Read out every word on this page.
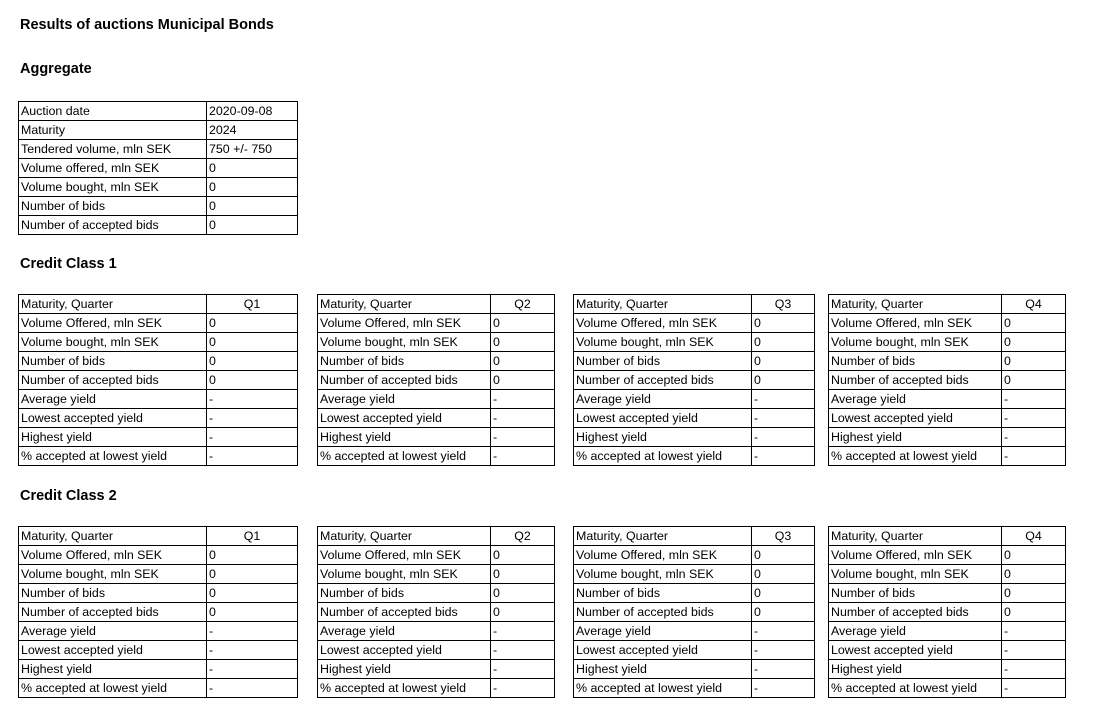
Results of auctions Municipal Bonds
Aggregate
Auction date	2020-09-08
Maturity	2024
Tendered volume, mln SEK	750 +/- 750
Volume offered, mln SEK	0
Volume bought, mln SEK	0
Number of bids	0
Number of accepted bids	0
Credit Class 1
Credit Class 2
Maturity, Quarter	Q1
Volume Offered, mln SEK	0
Volume bought, mln SEK	0
Number of bids	0
Number of accepted bids	0
Average yield	-
Lowest accepted yield	-
Highest yield	-
% accepted at lowest yield	-
Maturity, Quarter	Q2
Volume Offered, mln SEK	0
Volume bought, mln SEK	0
Number of bids	0
Number of accepted bids	0
Average yield	-
Lowest accepted yield	-
Highest yield	-
% accepted at lowest yield	-
Maturity, Quarter	Q3
Volume Offered, mln SEK	0
Volume bought, mln SEK	0
Number of bids	0
Number of accepted bids	0
Average yield	-
Lowest accepted yield	-
Highest yield	-
% accepted at lowest yield	-
Maturity, Quarter	Q4
Volume Offered, mln SEK	0
Volume bought, mln SEK	0
Number of bids	0
Number of accepted bids	0
Average yield	-
Lowest accepted yield	-
Highest yield	-
% accepted at lowest yield	-
Maturity, Quarter	Q1
Volume Offered, mln SEK	0
Volume bought, mln SEK	0
Number of bids	0
Number of accepted bids	0
Average yield	-
Lowest accepted yield	-
Highest yield	-
% accepted at lowest yield	-
Maturity, Quarter	Q2
Volume Offered, mln SEK	0
Volume bought, mln SEK	0
Number of bids	0
Number of accepted bids	0
Average yield	-
Lowest accepted yield	-
Highest yield	-
% accepted at lowest yield	-
Maturity, Quarter	Q3
Volume Offered, mln SEK	0
Volume bought, mln SEK	0
Number of bids	0
Number of accepted bids	0
Average yield	-
Lowest accepted yield	-
Highest yield	-
% accepted at lowest yield	-
Maturity, Quarter	Q4
Volume Offered, mln SEK	0
Volume bought, mln SEK	0
Number of bids	0
Number of accepted bids	0
Average yield	-
Lowest accepted yield	-
Highest yield	-
% accepted at lowest yield	-
